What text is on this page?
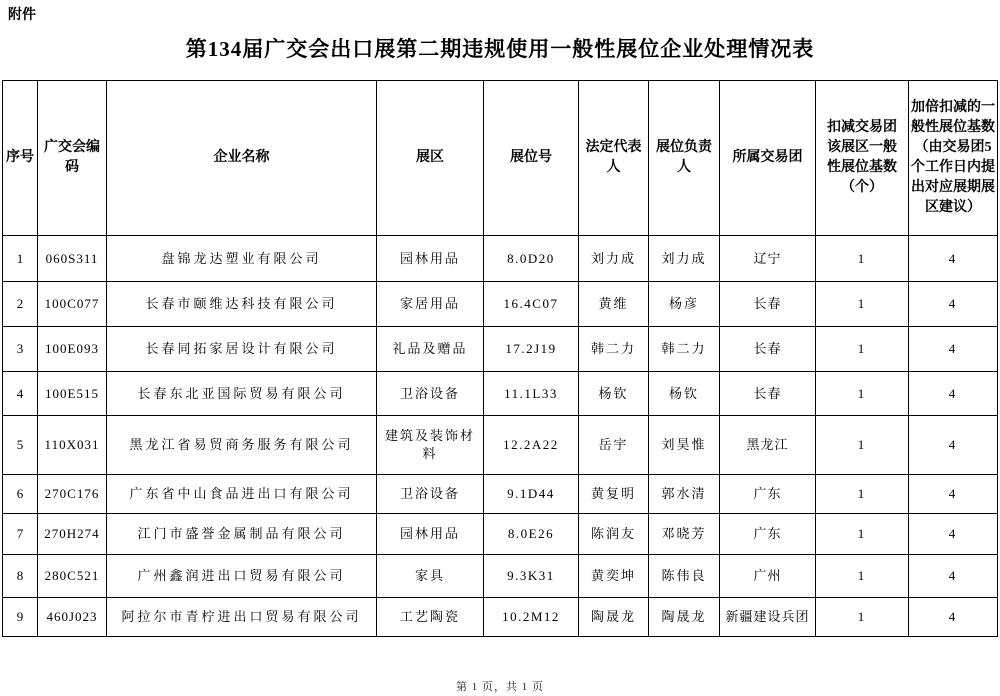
附件
第134届广交会出口展第二期违规使用一般性展位企业处理情况表
序号	广交会编码	企业名称	展区	展位号	法定代表人	展位负责人	所属交易团	扣减交易团该展区一般性展位基数（个）	加倍扣减的一般性展位基数（由交易团5个工作日内提出对应展期展区建议）
1	060S311	盘锦龙达塑业有限公司	园林用品	8.0D20	刘力成	刘力成	辽宁	1	4
2	100C077	长春市颐维达科技有限公司	家居用品	16.4C07	黄维	杨彦	长春	1	4
3	100E093	长春同拓家居设计有限公司	礼品及赠品	17.2J19	韩二力	韩二力	长春	1	4
4	100E515	长春东北亚国际贸易有限公司	卫浴设备	11.1L33	杨钦	杨钦	长春	1	4
5	110X031	黑龙江省易贸商务服务有限公司	建筑及装饰材料	12.2A22	岳宇	刘昊惟	黑龙江	1	4
6	270C176	广东省中山食品进出口有限公司	卫浴设备	9.1D44	黄复明	郭水清	广东	1	4
7	270H274	江门市盛誉金属制品有限公司	园林用品	8.0E26	陈润友	邓晓芳	广东	1	4
8	280C521	广州鑫润进出口贸易有限公司	家具	9.3K31	黄奕坤	陈伟良	广州	1	4
9	460J023	阿拉尔市青柠进出口贸易有限公司	工艺陶瓷	10.2M12	陶晟龙	陶晟龙	新疆建设兵团	1	4
第 1 页，共 1 页
